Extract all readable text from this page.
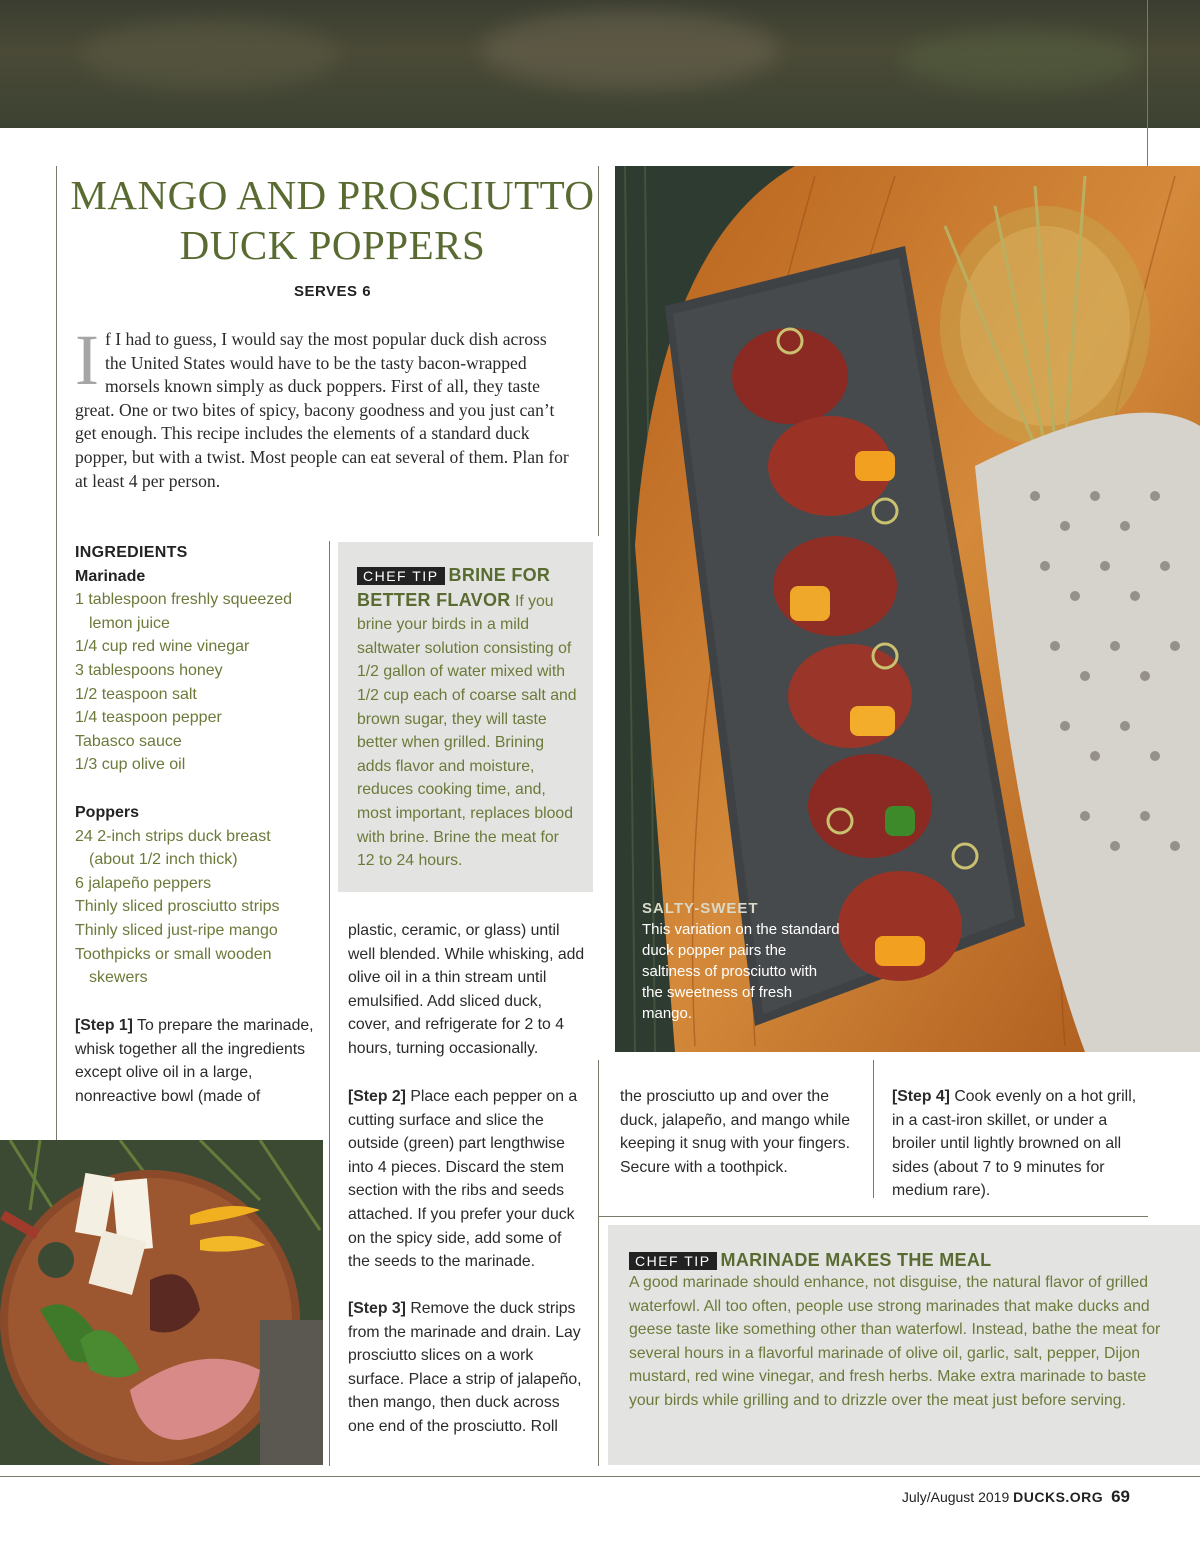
MANGO AND PROSCIUTTO
DUCK POPPERS
SERVES 6
If I had to guess, I would say the most popular duck dish across the United States would have to be the tasty bacon-wrapped morsels known simply as duck poppers. First of all, they taste great. One or two bites of spicy, bacony goodness and you just can’t get enough. This recipe includes the elements of a standard duck popper, but with a twist. Most people can eat several of them. Plan for at least 4 per person.
INGREDIENTS
Marinade
1 tablespoon freshly squeezed lemon juice
1/4 cup red wine vinegar
3 tablespoons honey
1/2 teaspoon salt
1/4 teaspoon pepper
Tabasco sauce
1/3 cup olive oil
Poppers
24 2-inch strips duck breast (about 1/2 inch thick)
6 jalapeño peppers
Thinly sliced prosciutto strips
Thinly sliced just-ripe mango
Toothpicks or small wooden skewers
[Step 1] To prepare the marinade, whisk together all the ingredients except olive oil in a large, nonreactive bowl (made of
CHEF TIP BRINE FOR BETTER FLAVOR If you brine your birds in a mild saltwater solution consisting of 1/2 gallon of water mixed with 1/2 cup each of coarse salt and brown sugar, they will taste better when grilled. Brining adds flavor and moisture, reduces cooking time, and, most important, replaces blood with brine. Brine the meat for 12 to 24 hours.
plastic, ceramic, or glass) until well blended. While whisking, add olive oil in a thin stream until emulsified. Add sliced duck, cover, and refrigerate for 2 to 4 hours, turning occasionally.
[Step 2] Place each pepper on a cutting surface and slice the outside (green) part lengthwise into 4 pieces. Discard the stem section with the ribs and seeds attached. If you prefer your duck on the spicy side, add some of the seeds to the marinade.
[Step 3] Remove the duck strips from the marinade and drain. Lay prosciutto slices on a work surface. Place a strip of jalapeño, then mango, then duck across one end of the prosciutto. Roll
SALTY-SWEET
This variation on the standard duck popper pairs the saltiness of prosciutto with the sweetness of fresh mango.
the prosciutto up and over the duck, jalapeño, and mango while keeping it snug with your fingers. Secure with a toothpick.
[Step 4] Cook evenly on a hot grill, in a cast-iron skillet, or under a broiler until lightly browned on all sides (about 7 to 9 minutes for medium rare).
CHEF TIP MARINADE MAKES THE MEAL
A good marinade should enhance, not disguise, the natural flavor of grilled waterfowl. All too often, people use strong marinades that make ducks and geese taste like something other than waterfowl. Instead, bathe the meat for several hours in a flavorful marinade of olive oil, garlic, salt, pepper, Dijon mustard, red wine vinegar, and fresh herbs. Make extra marinade to baste your birds while grilling and to drizzle over the meat just before serving.
July/August 2019 DUCKS.ORG 69
